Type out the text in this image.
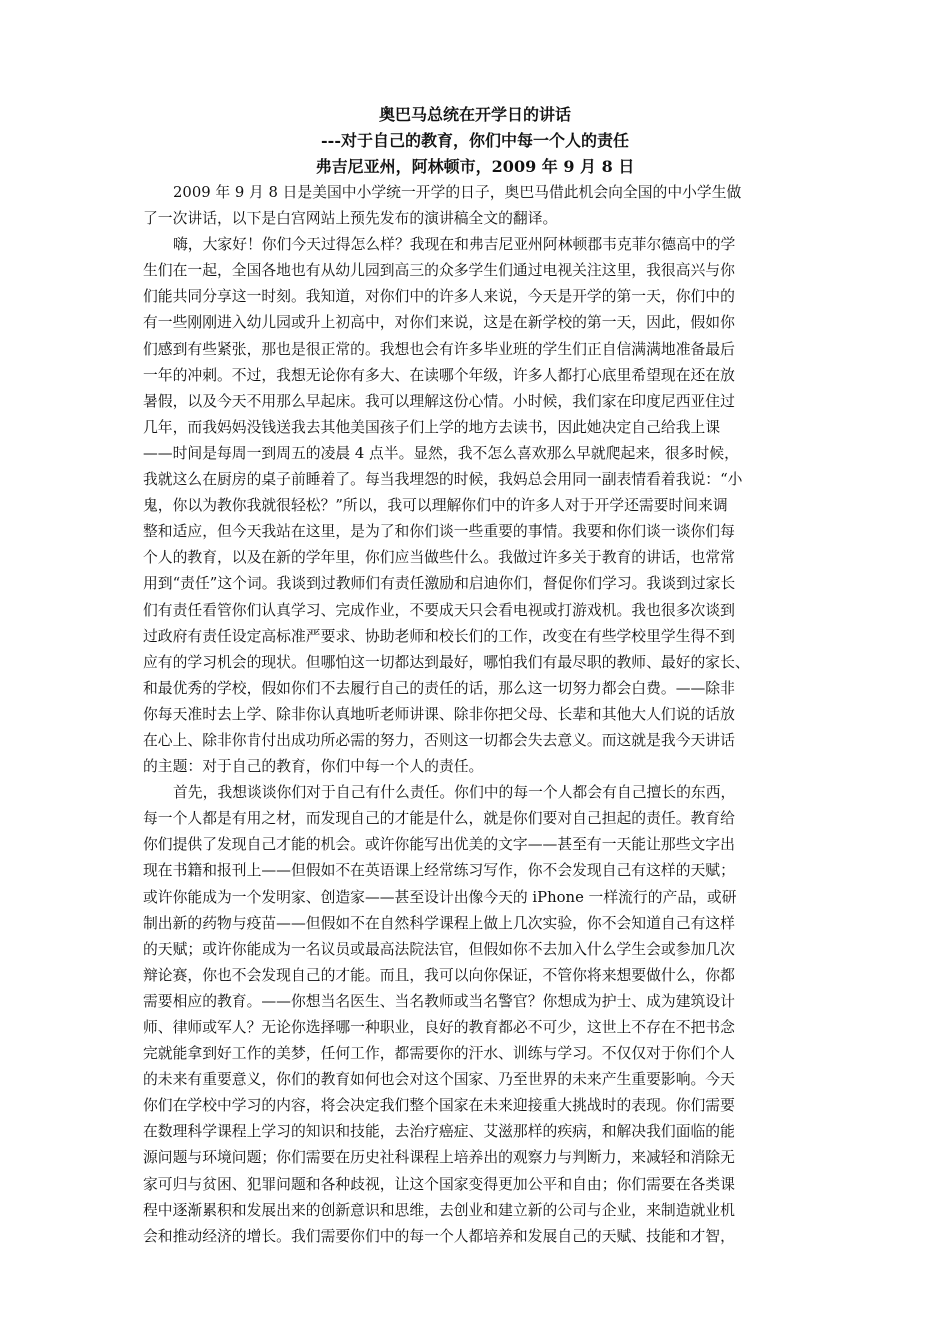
奥巴马总统在开学日的讲话
---对于自己的教育，你们中每一个人的责任
弗吉尼亚州，阿林顿市，2009 年 9 月 8 日
2009 年 9 月 8 日是美国中小学统一开学的日子，奥巴马借此机会向全国的中小学生做
了一次讲话，以下是白宫网站上预先发布的演讲稿全文的翻译。
嗨，大家好！你们今天过得怎么样？我现在和弗吉尼亚州阿林顿郡韦克菲尔德高中的学
生们在一起，全国各地也有从幼儿园到高三的众多学生们通过电视关注这里，我很高兴与你
们能共同分享这一时刻。我知道，对你们中的许多人来说，今天是开学的第一天，你们中的
有一些刚刚进入幼儿园或升上初高中，对你们来说，这是在新学校的第一天，因此，假如你
们感到有些紧张，那也是很正常的。我想也会有许多毕业班的学生们正自信满满地准备最后
一年的冲刺。不过，我想无论你有多大、在读哪个年级，许多人都打心底里希望现在还在放
暑假，以及今天不用那么早起床。我可以理解这份心情。小时候，我们家在印度尼西亚住过
几年，而我妈妈没钱送我去其他美国孩子们上学的地方去读书，因此她决定自己给我上课
——时间是每周一到周五的凌晨 4 点半。显然，我不怎么喜欢那么早就爬起来，很多时候，
我就这么在厨房的桌子前睡着了。每当我埋怨的时候，我妈总会用同一副表情看着我说：“小
鬼，你以为教你我就很轻松？”所以，我可以理解你们中的许多人对于开学还需要时间来调
整和适应，但今天我站在这里，是为了和你们谈一些重要的事情。我要和你们谈一谈你们每
个人的教育，以及在新的学年里，你们应当做些什么。我做过许多关于教育的讲话，也常常
用到“责任”这个词。我谈到过教师们有责任激励和启迪你们，督促你们学习。我谈到过家长
们有责任看管你们认真学习、完成作业，不要成天只会看电视或打游戏机。我也很多次谈到
过政府有责任设定高标准严要求、协助老师和校长们的工作，改变在有些学校里学生得不到
应有的学习机会的现状。但哪怕这一切都达到最好，哪怕我们有最尽职的教师、最好的家长、
和最优秀的学校，假如你们不去履行自己的责任的话，那么这一切努力都会白费。——除非
你每天准时去上学、除非你认真地听老师讲课、除非你把父母、长辈和其他大人们说的话放
在心上、除非你肯付出成功所必需的努力，否则这一切都会失去意义。而这就是我今天讲话
的主题：对于自己的教育，你们中每一个人的责任。
首先，我想谈谈你们对于自己有什么责任。你们中的每一个人都会有自己擅长的东西，
每一个人都是有用之材，而发现自己的才能是什么，就是你们要对自己担起的责任。教育给
你们提供了发现自己才能的机会。或许你能写出优美的文字——甚至有一天能让那些文字出
现在书籍和报刊上——但假如不在英语课上经常练习写作，你不会发现自己有这样的天赋；
或许你能成为一个发明家、创造家——甚至设计出像今天的 iPhone 一样流行的产品，或研
制出新的药物与疫苗——但假如不在自然科学课程上做上几次实验，你不会知道自己有这样
的天赋；或许你能成为一名议员或最高法院法官，但假如你不去加入什么学生会或参加几次
辩论赛，你也不会发现自己的才能。而且，我可以向你保证，不管你将来想要做什么，你都
需要相应的教育。——你想当名医生、当名教师或当名警官？你想成为护士、成为建筑设计
师、律师或军人？无论你选择哪一种职业，良好的教育都必不可少，这世上不存在不把书念
完就能拿到好工作的美梦，任何工作，都需要你的汗水、训练与学习。不仅仅对于你们个人
的未来有重要意义，你们的教育如何也会对这个国家、乃至世界的未来产生重要影响。今天
你们在学校中学习的内容，将会决定我们整个国家在未来迎接重大挑战时的表现。你们需要
在数理科学课程上学习的知识和技能，去治疗癌症、艾滋那样的疾病，和解决我们面临的能
源问题与环境问题；你们需要在历史社科课程上培养出的观察力与判断力，来减轻和消除无
家可归与贫困、犯罪问题和各种歧视，让这个国家变得更加公平和自由；你们需要在各类课
程中逐渐累积和发展出来的创新意识和思维，去创业和建立新的公司与企业，来制造就业机
会和推动经济的增长。我们需要你们中的每一个人都培养和发展自己的天赋、技能和才智，
